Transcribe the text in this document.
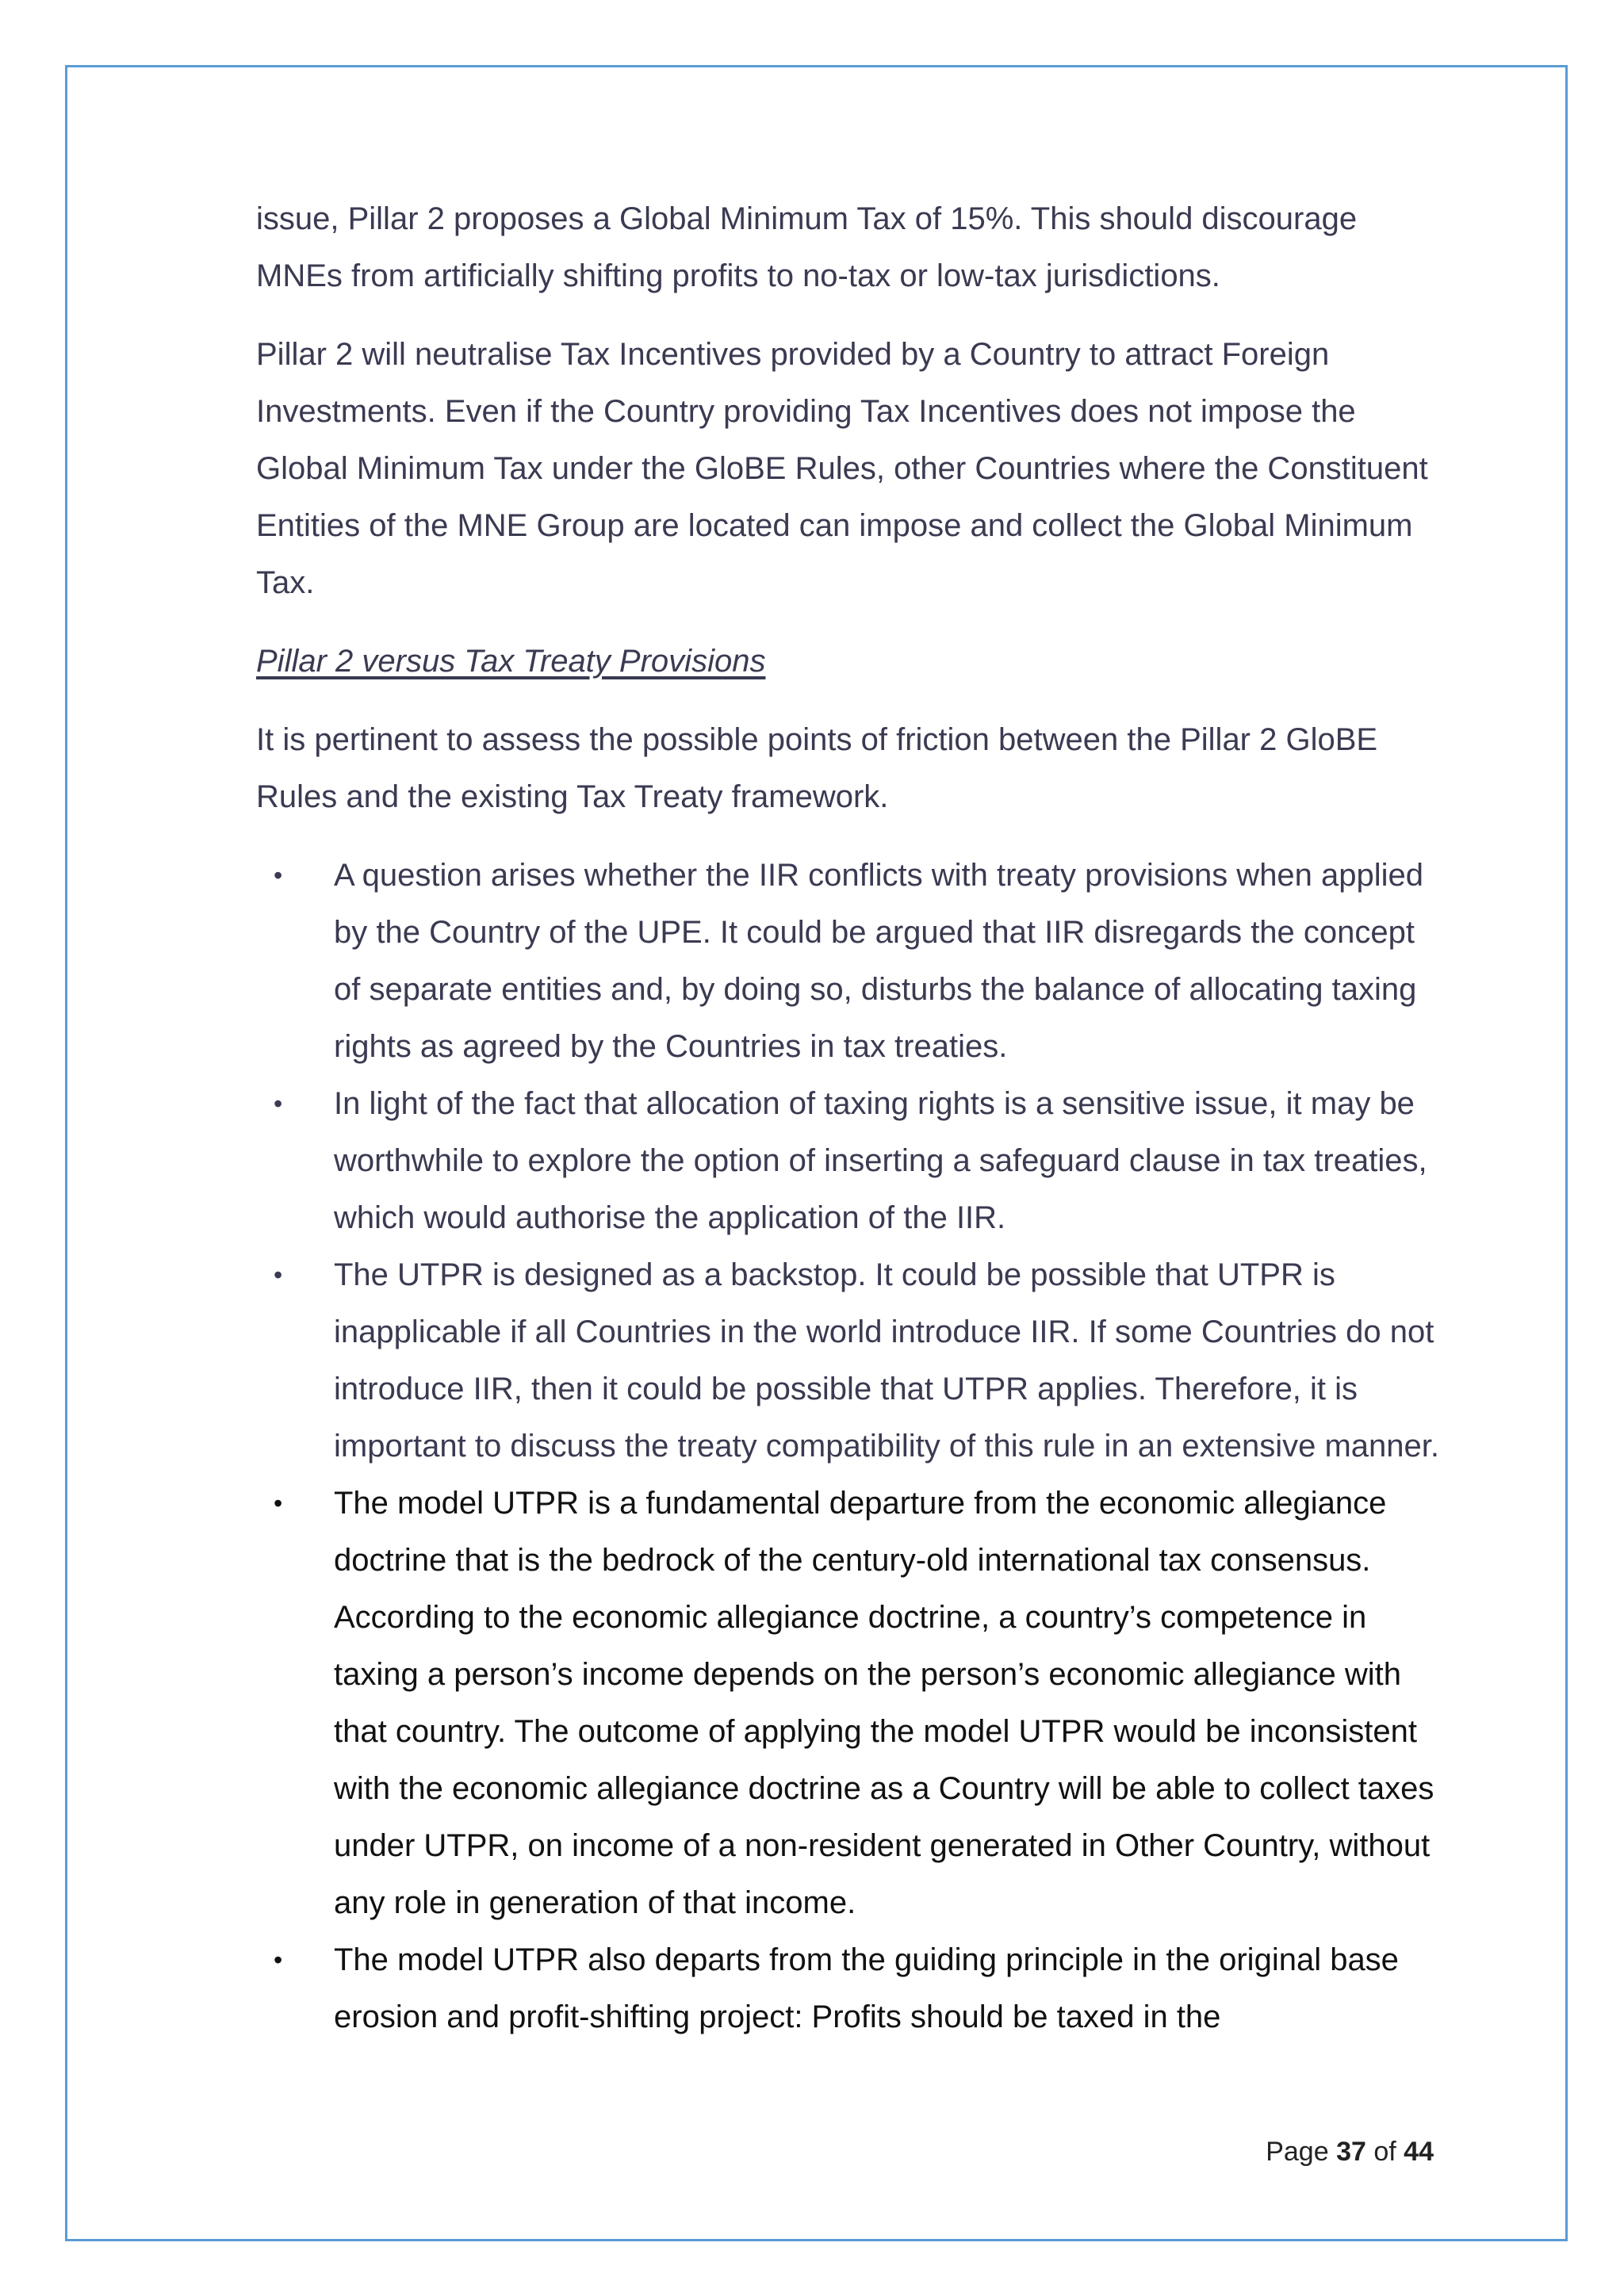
issue, Pillar 2 proposes a Global Minimum Tax of 15%. This should discourage MNEs from artificially shifting profits to no-tax or low-tax jurisdictions.

Pillar 2 will neutralise Tax Incentives provided by a Country to attract Foreign Investments. Even if the Country providing Tax Incentives does not impose the Global Minimum Tax under the GloBE Rules, other Countries where the Constituent Entities of the MNE Group are located can impose and collect the Global Minimum Tax.

Pillar 2 versus Tax Treaty Provisions

It is pertinent to assess the possible points of friction between the Pillar 2 GloBE Rules and the existing Tax Treaty framework.

• A question arises whether the IIR conflicts with treaty provisions when applied by the Country of the UPE. It could be argued that IIR disregards the concept of separate entities and, by doing so, disturbs the balance of allocating taxing rights as agreed by the Countries in tax treaties.
• In light of the fact that allocation of taxing rights is a sensitive issue, it may be worthwhile to explore the option of inserting a safeguard clause in tax treaties, which would authorise the application of the IIR.
• The UTPR is designed as a backstop. It could be possible that UTPR is inapplicable if all Countries in the world introduce IIR. If some Countries do not introduce IIR, then it could be possible that UTPR applies. Therefore, it is important to discuss the treaty compatibility of this rule in an extensive manner.
• The model UTPR is a fundamental departure from the economic allegiance doctrine that is the bedrock of the century-old international tax consensus. According to the economic allegiance doctrine, a country’s competence in taxing a person’s income depends on the person’s economic allegiance with that country. The outcome of applying the model UTPR would be inconsistent with the economic allegiance doctrine as a Country will be able to collect taxes under UTPR, on income of a non-resident generated in Other Country, without any role in generation of that income.
• The model UTPR also departs from the guiding principle in the original base erosion and profit-shifting project: Profits should be taxed in the
Page 37 of 44
